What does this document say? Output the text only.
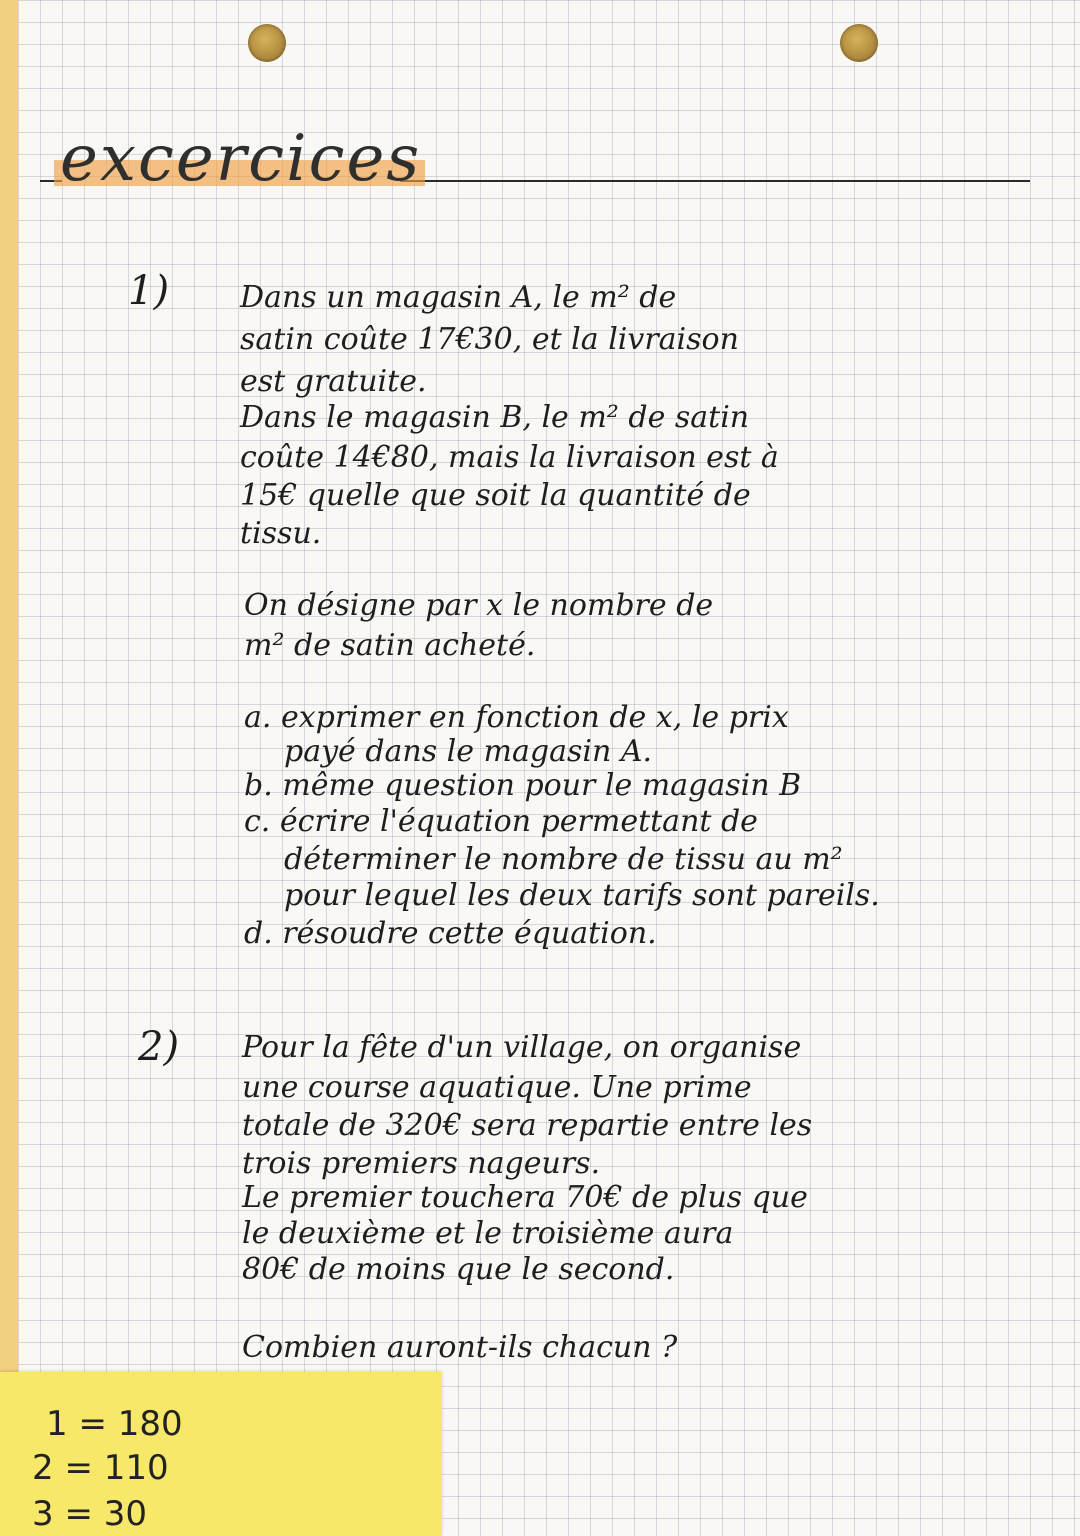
excercices
1) Dans un magasin A, le m² de
satin coûte 17€30, et la livraison
est gratuite.
Dans le magasin B, le m² de satin
coûte 14€80, mais la livraison est à
15€ quelle que soit la quantité de
tissu.
On désigne par x le nombre de
m² de satin acheté.
a. exprimer en fonction de x, le prix
payé dans le magasin A.
b. même question pour le magasin B
c. écrire l'équation permettant de
déterminer le nombre de tissu au m²
pour lequel les deux tarifs sont pareils.
d. résoudre cette équation.
2) Pour la fête d'un village, on organise
une course aquatique. Une prime
totale de 320€ sera repartie entre les
trois premiers nageurs.
Le premier touchera 70€ de plus que
le deuxième et le troisième aura
80€ de moins que le second.
Combien auront-ils chacun ?
1 = 180
2 = 110
3 = 30
